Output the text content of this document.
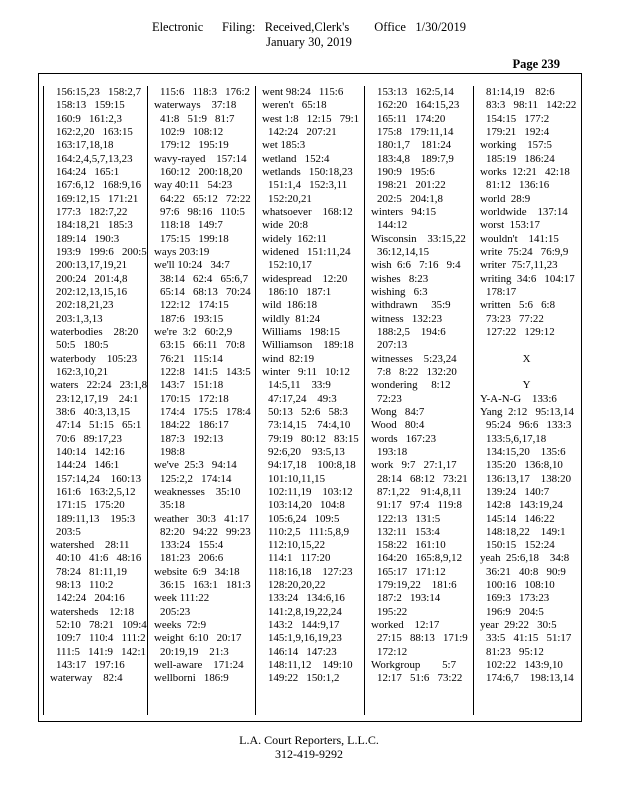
Electronic      Filing:   Received,Clerk's        Office   1/30/2019
January 30, 2019
Page 239
156:15,23   158:2,7
158:13   159:15
160:9   161:2,3
162:2,20   163:15
163:17,18,18
164:2,4,5,7,13,23
164:24   165:1
167:6,12   168:9,16
169:12,15   171:21
177:3   182:7,22
184:18,21   185:3
189:14   190:3
193:9   199:6   200:5
200:13,17,19,21
200:24   201:4,8
202:12,13,15,16
202:18,21,23
203:1,3,13
waterbodies    28:20
50:5   180:5
waterbody    105:23
162:3,10,21
waters   22:24   23:1,8
23:12,17,19    24:1
38:6   40:3,13,15
47:14   51:15   65:1
70:6   89:17,23
140:14   142:16
144:24   146:1
157:14,24    160:13
161:6   163:2,5,12
171:15   175:20
189:11,13    195:3
203:5
watershed    28:11
40:10   41:6   48:16
78:24   81:11,19
98:13   110:2
142:24   204:16
watersheds    12:18
52:10   78:21   109:4
109:7   110:4   111:2
111:5   141:9   142:1
143:17   197:16
waterway    82:4
115:6   118:3   176:2
waterways    37:18
41:8   51:9   81:7
102:9   108:12
179:12   195:19
wavy-rayed    157:14
160:12   200:18,20
way 40:11   54:23
64:22   65:12   72:22
97:6   98:16   110:5
118:18   149:7
175:15   199:18
ways 203:19
we'll 10:24   34:7
38:14   62:4   65:6,7
65:14   68:13   70:24
122:12   174:15
187:6   193:15
we're  3:2   60:2,9
63:15   66:11   70:8
76:21   115:14
122:8   141:5   143:5
143:7   151:18
170:15   172:18
174:4   175:5   178:4
184:22   186:17
187:3   192:13
198:8
we've  25:3   94:14
125:2,2   174:14
weaknesses    35:10
35:18
weather   30:3   41:17
82:20   94:22   99:23
133:24   155:4
181:23   206:6
website  6:9   34:18
36:15   163:1   181:3
week 111:22
205:23
weeks  72:9
weight  6:10   20:17
20:19,19    21:3
well-aware    171:24
wellborni   186:9
went 98:24   115:6
weren't   65:18
west 1:8   12:15   79:1
142:24   207:21
wet 185:3
wetland   152:4
wetlands   150:18,23
151:1,4   152:3,11
152:20,21
whatsoever    168:12
wide  20:8
widely  162:11
widened   151:11,24
152:10,17
widespread    12:20
186:10   187:1
wild  186:18
wildly  81:24
Williams   198:15
Williamson    189:18
wind  82:19
winter   9:11   10:12
14:5,11    33:9
47:17,24    49:3
50:13   52:6   58:3
73:14,15    74:4,10
79:19   80:12   83:15
92:6,20    93:5,13
94:17,18    100:8,18
101:10,11,15
102:11,19    103:12
103:14,20   104:8
105:6,24   109:5
110:2,5   111:5,8,9
112:10,15,22
114:1   117:20
118:16,18    127:23
128:20,20,22
133:24   134:6,16
141:2,8,19,22,24
143:2   144:9,17
145:1,9,16,19,23
146:14   147:23
148:11,12    149:10
149:22   150:1,2
153:13   162:5,14
162:20   164:15,23
165:11   174:20
175:8   179:11,14
180:1,7    181:24
183:4,8    189:7,9
190:9   195:6
198:21   201:22
202:5   204:1,8
winters   94:15
144:12
Wisconsin    33:15,22
36:12,14,15
wish  6:6   7:16   9:4
wishes   8:23
wishing   6:3
withdrawn     35:9
witness   132:23
188:2,5    194:6
207:13
witnesses    5:23,24
7:8   8:22   132:20
wondering     8:12
72:23
Wong   84:7
Wood   80:4
words   167:23
193:18
work   9:7   27:1,17
28:14   68:12   73:21
87:1,22    91:4,8,11
91:17   97:4   119:8
122:13   131:5
132:11   153:4
158:22   161:10
164:20   165:8,9,12
165:17   171:12
179:19,22    181:6
187:2   193:14
195:22
worked    12:17
27:15   88:13   171:9
172:12
Workgroup        5:7
12:17   51:6   73:22
81:14,19    82:6
83:3   98:11   142:22
154:15   177:2
179:21   192:4
working    157:5
185:19   186:24
works  12:21   42:18
81:12   136:16
world  28:9
worldwide    137:14
worst  153:17
wouldn't    141:15
write  75:24   76:9,9
writer  75:7,11,23
writing  34:6   104:17
178:17
written   5:6   6:8
73:23   77:22
127:22   129:12
X
Y
Y-A-N-G    133:6
Yang  2:12   95:13,14
95:24   96:6   133:3
133:5,6,17,18
134:15,20    135:6
135:20   136:8,10
136:13,17    138:20
139:24   140:7
142:8   143:19,24
145:14   146:22
148:18,22    149:1
150:15   152:24
yeah  25:6,18    34:8
36:21   40:8   90:9
100:16   108:10
169:3   173:23
196:9   204:5
year  29:22   30:5
33:5   41:15   51:17
81:23   95:12
102:22   143:9,10
174:6,7    198:13,14
L.A. Court Reporters, L.L.C.
312-419-9292
